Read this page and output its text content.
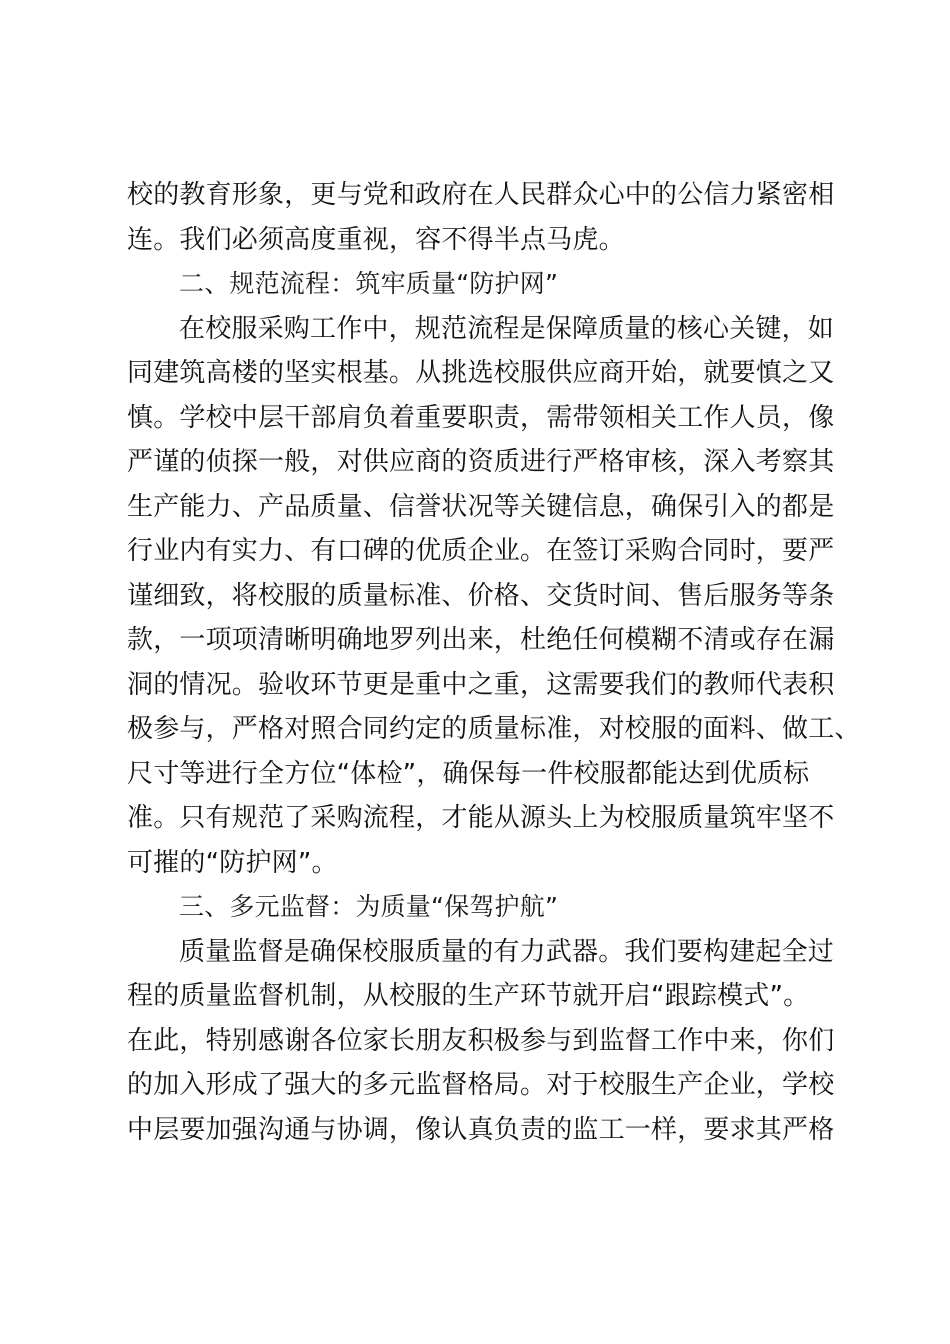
校的教育形象，更与党和政府在人民群众心中的公信力紧密相
连。我们必须高度重视，容不得半点马虎。
二、规范流程：筑牢质量“防护网”
在校服采购工作中，规范流程是保障质量的核心关键，如
同建筑高楼的坚实根基。从挑选校服供应商开始，就要慎之又
慎。学校中层干部肩负着重要职责，需带领相关工作人员，像
严谨的侦探一般，对供应商的资质进行严格审核，深入考察其
生产能力、产品质量、信誉状况等关键信息，确保引入的都是
行业内有实力、有口碑的优质企业。在签订采购合同时，要严
谨细致，将校服的质量标准、价格、交货时间、售后服务等条
款，一项项清晰明确地罗列出来，杜绝任何模糊不清或存在漏
洞的情况。验收环节更是重中之重，这需要我们的教师代表积
极参与，严格对照合同约定的质量标准，对校服的面料、做工、
尺寸等进行全方位“体检”，确保每一件校服都能达到优质标
准。只有规范了采购流程，才能从源头上为校服质量筑牢坚不
可摧的“防护网”。
三、多元监督：为质量“保驾护航”
质量监督是确保校服质量的有力武器。我们要构建起全过
程的质量监督机制，从校服的生产环节就开启“跟踪模式”。
在此，特别感谢各位家长朋友积极参与到监督工作中来，你们
的加入形成了强大的多元监督格局。对于校服生产企业，学校
中层要加强沟通与协调，像认真负责的监工一样，要求其严格
